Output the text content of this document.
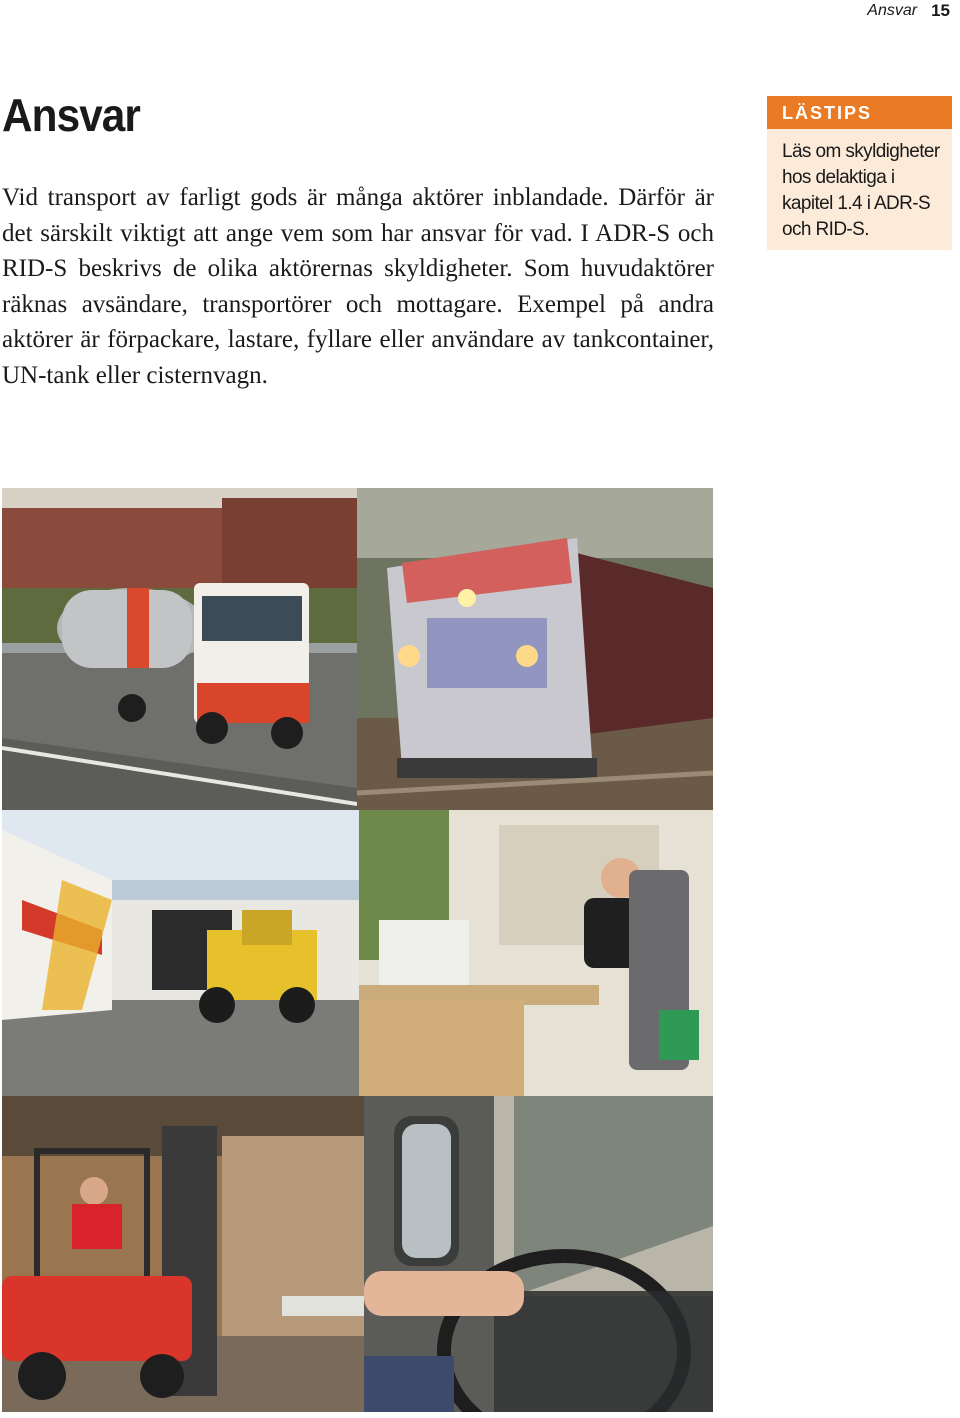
Ansvar 15
Ansvar

Vid transport av farligt gods är många aktörer inblandade. Därför är det särskilt viktigt att ange vem som har ansvar för vad. I ADR-S och RID-S beskrivs de olika aktörernas skyldigheter. Som huvudaktörer räknas avsändare, transportörer och mottagare. Exempel på andra aktörer är förpackare, lastare, fyllare eller användare av tankcontainer, UN-tank eller cisternvagn.

LÄSTIPS
Läs om skyldigheter hos delaktiga i kapitel 1.4 i ADR-S och RID-S.
